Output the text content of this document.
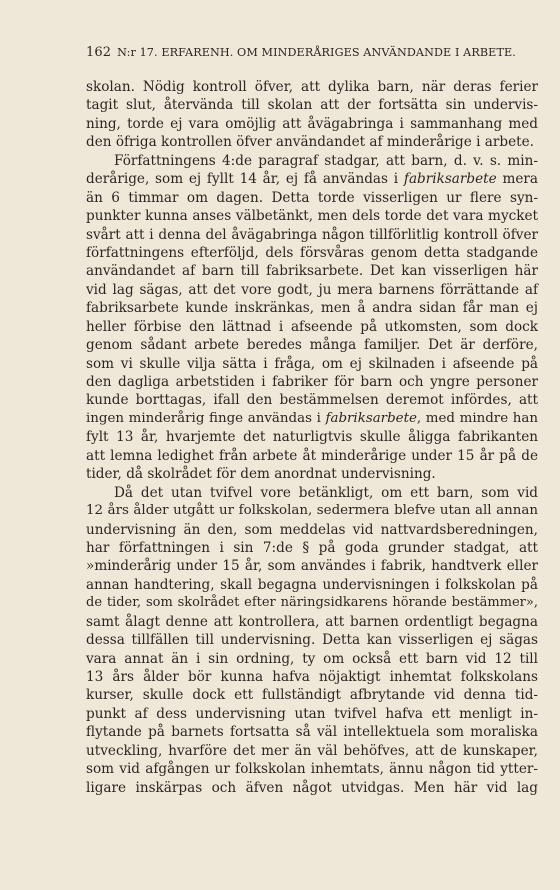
162 N:r 17. ERFARENH. OM MINDERÅRIGES ANVÄNDANDE I ARBETE.
skolan. Nödig kontroll öfver, att dylika barn, när deras ferier
tagit slut, återvända till skolan att der fortsätta sin undervis-
ning, torde ej vara omöjlig att åvägabringa i sammanhang med
den öfriga kontrollen öfver användandet af minderårige i arbete.
Författningens 4:de paragraf stadgar, att barn, d. v. s. min-
derårige, som ej fyllt 14 år, ej få användas i fabriksarbete mera
än 6 timmar om dagen. Detta torde visserligen ur flere syn-
punkter kunna anses välbetänkt, men dels torde det vara mycket
svårt att i denna del åvägabringa någon tillförlitlig kontroll öfver
författningens efterföljd, dels försvåras genom detta stadgande
användandet af barn till fabriksarbete. Det kan visserligen här
vid lag sägas, att det vore godt, ju mera barnens förrättande af
fabriksarbete kunde inskränkas, men å andra sidan får man ej
heller förbise den lättnad i afseende på utkomsten, som dock
genom sådant arbete beredes många familjer. Det är derföre,
som vi skulle vilja sätta i fråga, om ej skilnaden i afseende på
den dagliga arbetstiden i fabriker för barn och yngre personer
kunde borttagas, ifall den bestämmelsen deremot infördes, att
ingen minderårig finge användas i fabriksarbete, med mindre han
fylt 13 år, hvarjemte det naturligtvis skulle åligga fabrikanten
att lemna ledighet från arbete åt minderårige under 15 år på de
tider, då skolrådet för dem anordnat undervisning.
Då det utan tvifvel vore betänkligt, om ett barn, som vid
12 års ålder utgått ur folkskolan, sedermera blefve utan all annan
undervisning än den, som meddelas vid nattvardsberedningen,
har författningen i sin 7:de § på goda grunder stadgat, att
»minderårig under 15 år, som användes i fabrik, handtverk eller
annan handtering, skall begagna undervisningen i folkskolan på
de tider, som skolrådet efter näringsidkarens hörande bestämmer»,
samt ålagt denne att kontrollera, att barnen ordentligt begagna
dessa tillfällen till undervisning. Detta kan visserligen ej sägas
vara annat än i sin ordning, ty om också ett barn vid 12 till
13 års ålder bör kunna hafva nöjaktigt inhemtat folkskolans
kurser, skulle dock ett fullständigt afbrytande vid denna tid-
punkt af dess undervisning utan tvifvel hafva ett menligt in-
flytande på barnets fortsatta så väl intellektuela som moraliska
utveckling, hvarföre det mer än väl behöfves, att de kunskaper,
som vid afgången ur folkskolan inhemtats, ännu någon tid ytter-
ligare inskärpas och äfven något utvidgas. Men här vid lag
